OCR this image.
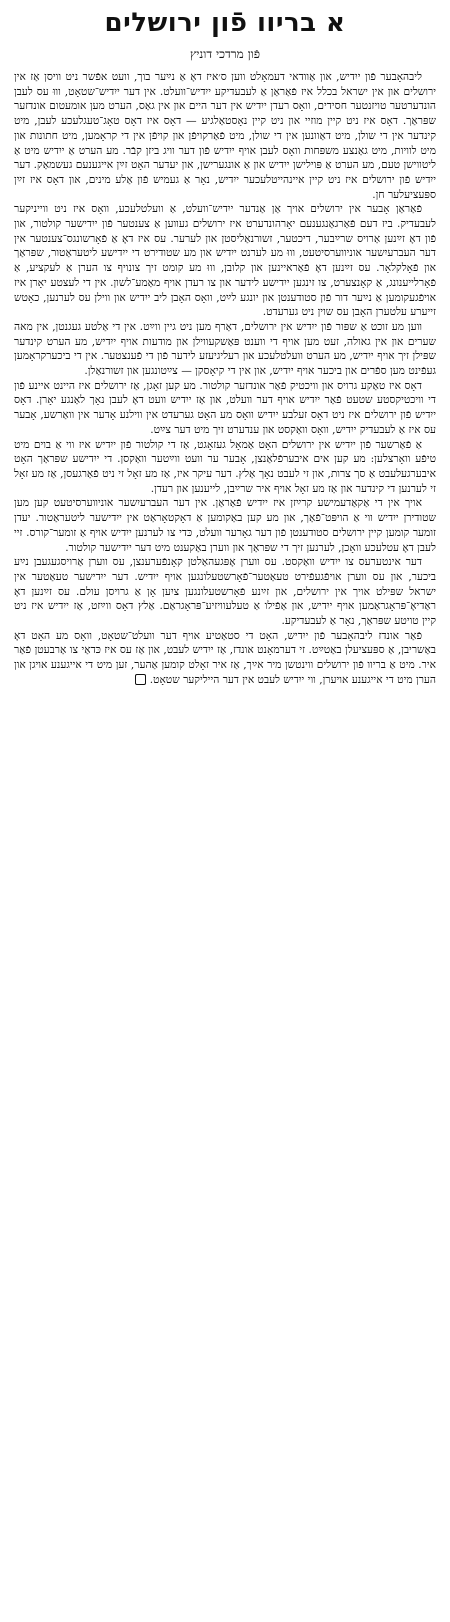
א בריוו פֿון ירושלים
פֿון מרדכי דוניץ

ליבהאָבער פֿון ייִדיש, און אַוודאי דעמאָלט ווען ס׳איז דאָ אַ נײַער בוך, וועט אפֿשר ניט וויסן אַז אין ירושלים און אין ישראל בכלל איז פֿאַראַן אַ לעבעדיקע ייִדיש־וועלט. אין דער ייִדיש־שטאָט, וווּ עס לעבן הונדערטער טויזנטער חסידים, וואָס רעדן ייִדיש אין דער היים און אין גאַס, הערט מען אומעטום אונדזער שפּראַך. דאָס איז ניט קיין מוזיי און ניט קיין נאָסטאַלגיע — דאָס איז דאָס טאָג־טעגלעכע לעבן, מיט קינדער אין די שולן, מיט דאַוונען אין די שולן, מיט פֿאַרקויפֿן און קויפֿן אין די קראָמען, מיט חתונות און מיט לוויות, מיט גאַנצע משפּחות וואָס לעבן אויף ייִדיש פֿון דער וויג ביזן קבֿר. מע הערט אַ ייִדיש מיט אַ ליטווישן טעם, מע הערט אַ פּוילישן ייִדיש און אַ אונגערישן, און יעדער האָט זײַן אייגענעם געשמאַק. דער ייִדיש פֿון ירושלים איז ניט קיין איינהייטלעכער ייִדיש, נאָר אַ געמיש פֿון אַלע מינים, און דאָס איז זײַן ספּעציעלער חן.

פֿאַראַן אָבער אין ירושלים אויך אַן אַנדער ייִדיש־וועלט, אַ וועלטלעכע, וואָס איז ניט ווייניקער לעבעדיק. ביז דעם פֿאַרגאַנגענעם יאָרהונדערט איז ירושלים געווען אַ צענטער פֿון ייִדישער קולטור, און פֿון דאָ זײַנען אַרויס שרײַבער, דיכטער, זשורנאַליסטן און לערער. עס איז דאָ אַ פֿאָרשונגס־צענטער אין דער העברעיִשער אוניווערסיטעט, וווּ מע לערנט ייִדיש און מע שטודירט די ייִדישע ליטעראַטור, שפּראַך און פֿאָלקלאָר. עס זײַנען דאָ פֿאַראיינען און קלובן, וווּ מע קומט זיך צונויף צו הערן אַ לעקציע, אַ פֿאָרלייענונג, אַ קאָנצערט, צו זינגען ייִדישע לידער און צו רעדן אויף מאַמע־לשון. אין די לעצטע יאָרן איז אויפֿגעקומען אַ נײַער דור פֿון סטודענטן און יונגע לײַט, וואָס האָבן ליב ייִדיש און ווילן עס לערנען, כאָטש זייערע עלטערן האָבן עס שוין ניט גערעדט.

ווען מע זוכט אַ שפּור פֿון ייִדיש אין ירושלים, דאַרף מען ניט גיין ווײַט. אין די אַלטע געגנטן, אין מאה שערים און אין גאולה, זעט מען אויף די ווענט פּאַשקעווילן און מודעות אויף ייִדיש, מע הערט קינדער שפּילן זיך אויף ייִדיש, מע הערט וועלטלעכע און רעליגיעזע לידער פֿון די פֿענצטער. אין די ביכערקראָמען געפֿינט מען ספֿרים און ביכער אויף ייִדיש, און אין די קיאָסקן — צײַטונגען און זשורנאַלן.

דאָס איז טאַקע גרויס און וויכטיק פֿאַר אונדזער קולטור. מע קען זאָגן, אַז ירושלים איז היינט איינע פֿון די וויכטיקסטע שטעט פֿאַר ייִדיש אויף דער וועלט, און אַז ייִדיש וועט דאָ לעבן נאָך לאַנגע יאָרן. דאָס ייִדיש פֿון ירושלים איז ניט דאָס זעלבע ייִדיש וואָס מע האָט גערעדט אין ווילנע אָדער אין וואַרשע, אָבער עס איז אַ לעבעדיק ייִדיש, וואָס וואַקסט און ענדערט זיך מיט דער צײַט.

אַ פֿאַרשער פֿון ייִדיש אין ירושלים האָט אַמאָל געזאָגט, אַז די קולטור פֿון ייִדיש איז ווי אַ בוים מיט טיפֿע וואָרצלען: מע קען אים איבערפֿלאַנצן, אָבער ער וועט ווײַטער וואַקסן. די ייִדישע שפּראַך האָט איבערגעלעבט אַ סך צרות, און זי לעבט נאָך אַלץ. דער עיקר איז, אַז מע זאָל זי ניט פֿאַרגעסן, אַז מע זאָל זי לערנען די קינדער און אַז מע זאָל אויף איר שרײַבן, לייענען און רעדן.

אויך אין די אַקאַדעמישע קרײַזן איז ייִדיש פֿאַראַן. אין דער העברעיִשער אוניווערסיטעט קען מען שטודירן ייִדיש ווי אַ הויפּט־פֿאַך, און מע קען באַקומען אַ דאָקטאָראַט אין ייִדישער ליטעראַטור. יעדן זומער קומען קיין ירושלים סטודענטן פֿון דער גאָרער וועלט, כּדי צו לערנען ייִדיש אויף אַ זומער־קורס. זיי לעבן דאָ עטלעכע וואָכן, לערנען זיך די שפּראַך און ווערן באַקענט מיט דער ייִדישער קולטור.

דער אינטערעס צו ייִדיש וואַקסט. עס ווערן אָפּגעהאַלטן קאָנפֿערענצן, עס ווערן אַרויסגעגעבן נײַע ביכער, און עס ווערן אויפֿגעפֿירט טעאַטער־פֿאָרשטעלונגען אויף ייִדיש. דער ייִדישער טעאַטער אין ישראל שפּילט אויך אין ירושלים, און זײַנע פֿאָרשטעלונגען ציִען אָן אַ גרויסן עולם. עס זײַנען דאָ ראַדיאָ־פּראָגראַמען אויף ייִדיש, און אַפֿילו אַ טעלעוויזיע־פּראָגראַם. אַלץ דאָס ווײַזט, אַז ייִדיש איז ניט קיין טויטע שפּראַך, נאָר אַ לעבעדיקע.

פֿאַר אונדז ליבהאָבער פֿון ייִדיש, האָט די סטאַטיע אויף דער וועלט־שטאָט, וואָס מע האָט דאָ באַשריבן, אַ ספּעציעלן באַטײַט. זי דערמאָנט אונדז, אַז ייִדיש לעבט, און אַז עס איז כּדאַי צו אַרבעטן פֿאַר איר. מיט אַ בריוו פֿון ירושלים ווינטשן מיר אײַך, אַז איר זאָלט קומען אַהער, זען מיט די אייגענע אויגן און הערן מיט די אייגענע אויערן, ווי ייִדיש לעבט אין דער הייליקער שטאָט.
